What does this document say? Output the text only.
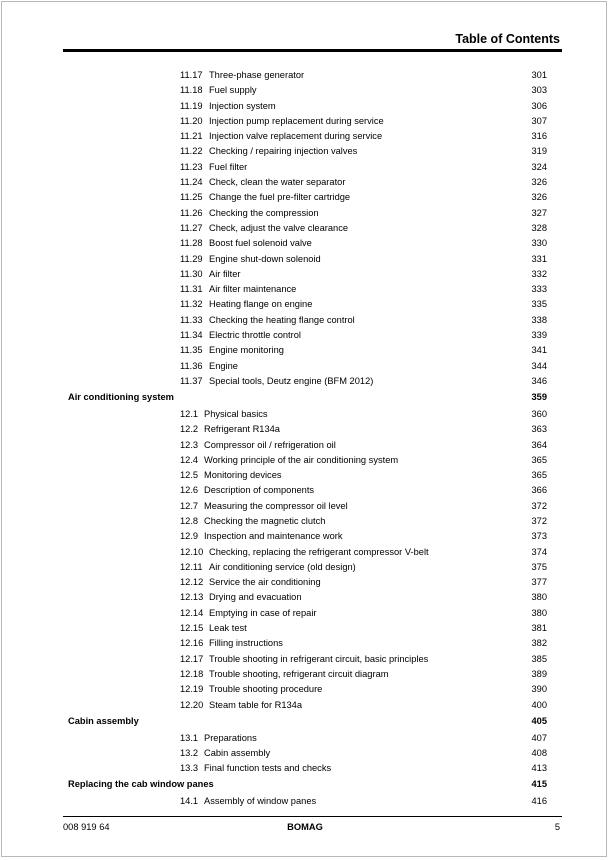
Table of Contents
11.17 Three-phase generator	301
11.18 Fuel supply	303
11.19 Injection system	306
11.20 Injection pump replacement during service	307
11.21 Injection valve replacement during service	316
11.22 Checking / repairing injection valves	319
11.23 Fuel filter	324
11.24 Check, clean the water separator	326
11.25 Change the fuel pre-filter cartridge	326
11.26 Checking the compression	327
11.27 Check, adjust the valve clearance	328
11.28 Boost fuel solenoid valve	330
11.29 Engine shut-down solenoid	331
11.30 Air filter	332
11.31 Air filter maintenance	333
11.32 Heating flange on engine	335
11.33 Checking the heating flange control	338
11.34 Electric throttle control	339
11.35 Engine monitoring	341
11.36 Engine	344
11.37 Special tools, Deutz engine (BFM 2012)	346
Air conditioning system	359
12.1 Physical basics	360
12.2 Refrigerant R134a	363
12.3 Compressor oil / refrigeration oil	364
12.4 Working principle of the air conditioning system	365
12.5 Monitoring devices	365
12.6 Description of components	366
12.7 Measuring the compressor oil level	372
12.8 Checking the magnetic clutch	372
12.9 Inspection and maintenance work	373
12.10 Checking, replacing the refrigerant compressor V-belt	374
12.11 Air conditioning service (old design)	375
12.12 Service the air conditioning	377
12.13 Drying and evacuation	380
12.14 Emptying in case of repair	380
12.15 Leak test	381
12.16 Filling instructions	382
12.17 Trouble shooting in refrigerant circuit, basic principles	385
12.18 Trouble shooting, refrigerant circuit diagram	389
12.19 Trouble shooting procedure	390
12.20 Steam table for R134a	400
Cabin assembly	405
13.1 Preparations	407
13.2 Cabin assembly	408
13.3 Final function tests and checks	413
Replacing the cab window panes	415
14.1 Assembly of window panes	416
008 919 64	BOMAG	5
